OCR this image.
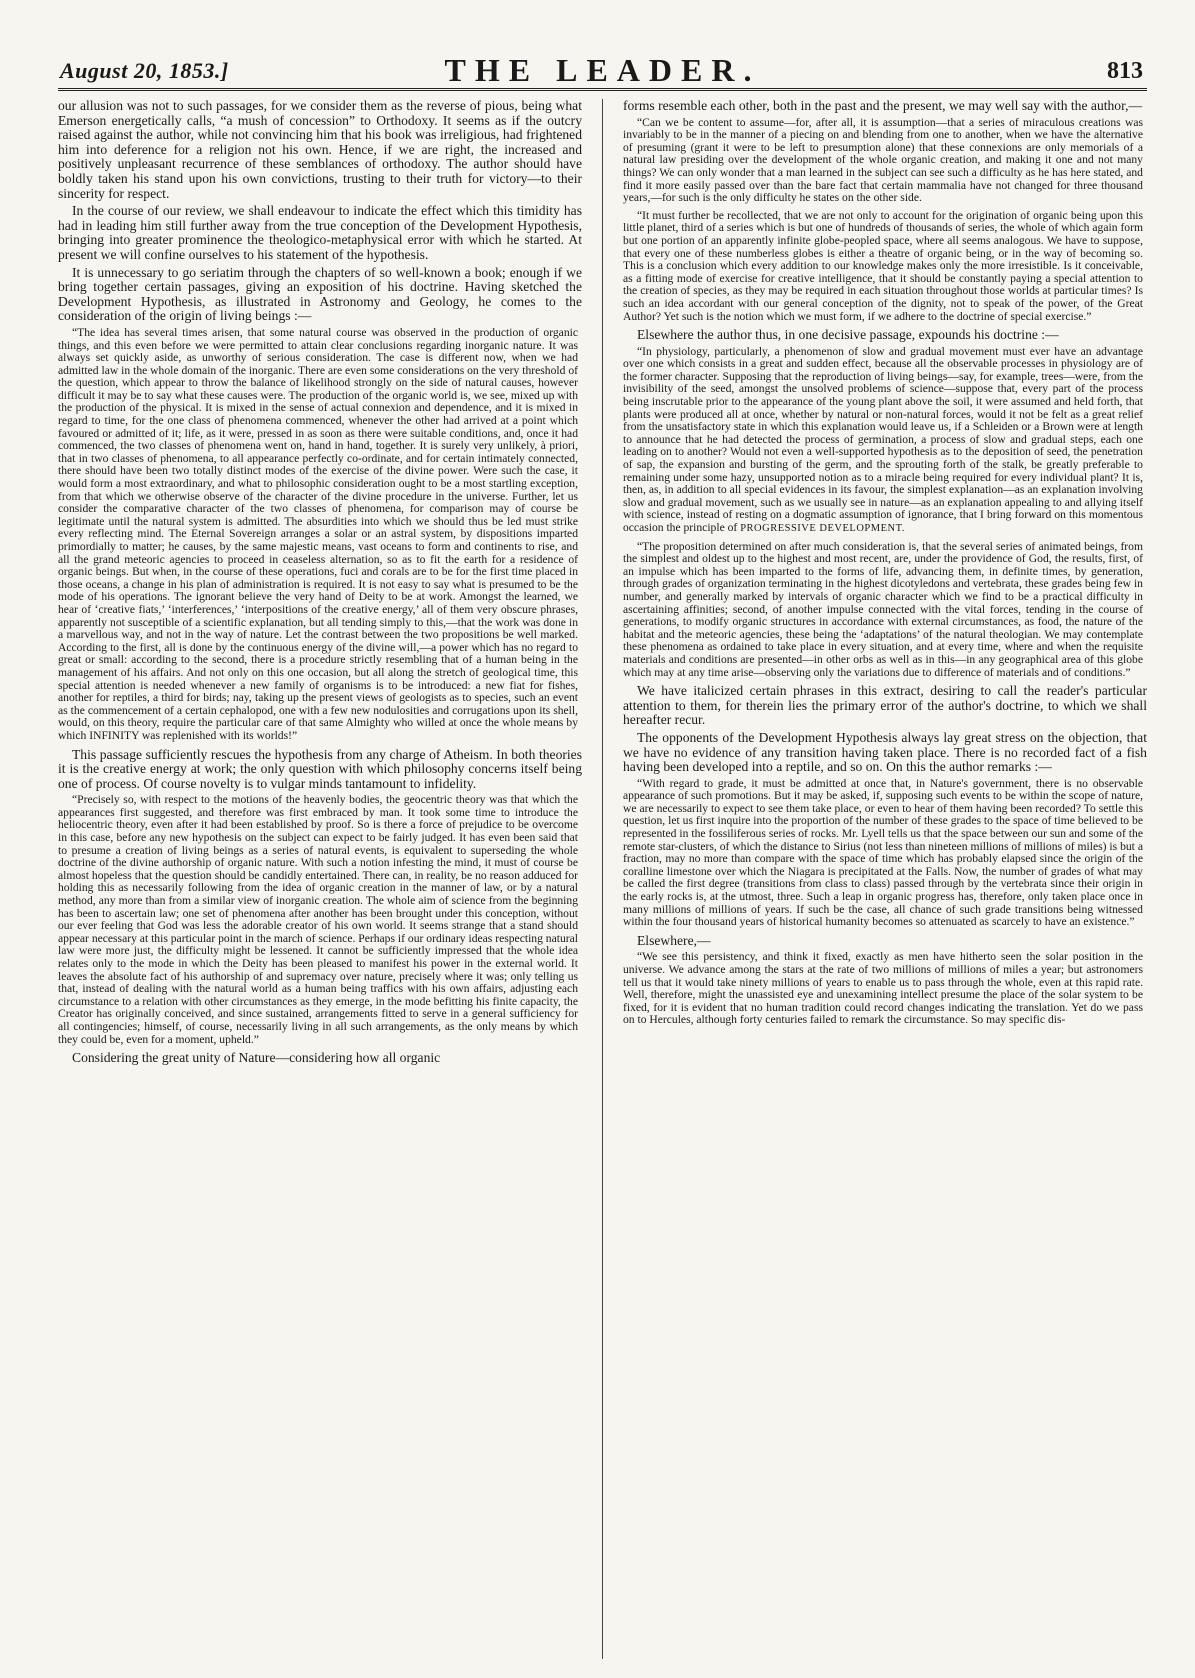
August 20, 1853.]	THE LEADER.	813

our allusion was not to such passages, for we consider them as the reverse of pious, being what Emerson energetically calls, “a mush of concession” to Orthodoxy. It seems as if the outcry raised against the author, while not convincing him that his book was irreligious, had frightened him into deference for a religion not his own. Hence, if we are right, the increased and positively unpleasant recurrence of these semblances of orthodoxy. The author should have boldly taken his stand upon his own convictions, trusting to their truth for victory—to their sincerity for respect.

In the course of our review, we shall endeavour to indicate the effect which this timidity has had in leading him still further away from the true conception of the Development Hypothesis, bringing into greater prominence the theologico-metaphysical error with which he started. At present we will confine ourselves to his statement of the hypothesis.

It is unnecessary to go seriatim through the chapters of so well-known a book; enough if we bring together certain passages, giving an exposition of his doctrine. Having sketched the Development Hypothesis, as illustrated in Astronomy and Geology, he comes to the consideration of the origin of living beings :—

“The idea has several times arisen, that some natural course was observed in the production of organic things, and this even before we were permitted to attain clear conclusions regarding inorganic nature. It was always set quickly aside, as unworthy of serious consideration. The case is different now, when we had admitted law in the whole domain of the inorganic. There are even some considerations on the very threshold of the question, which appear to throw the balance of likelihood strongly on the side of natural causes, however difficult it may be to say what these causes were. The production of the organic world is, we see, mixed up with the production of the physical. It is mixed in the sense of actual connexion and dependence, and it is mixed in regard to time, for the one class of phenomena commenced, whenever the other had arrived at a point which favoured or admitted of it; life, as it were, pressed in as soon as there were suitable conditions, and, once it had commenced, the two classes of phenomena went on, hand in hand, together. It is surely very unlikely, à priori, that in two classes of phenomena, to all appearance perfectly co-ordinate, and for certain intimately connected, there should have been two totally distinct modes of the exercise of the divine power. Were such the case, it would form a most extraordinary, and what to philosophic consideration ought to be a most startling exception, from that which we otherwise observe of the character of the divine procedure in the universe. Further, let us consider the comparative character of the two classes of phenomena, for comparison may of course be legitimate until the natural system is admitted. The absurdities into which we should thus be led must strike every reflecting mind. The Eternal Sovereign arranges a solar or an astral system, by dispositions imparted primordially to matter; he causes, by the same majestic means, vast oceans to form and continents to rise, and all the grand meteoric agencies to proceed in ceaseless alternation, so as to fit the earth for a residence of organic beings. But when, in the course of these operations, fuci and corals are to be for the first time placed in those oceans, a change in his plan of administration is required. It is not easy to say what is presumed to be the mode of his operations. The ignorant believe the very hand of Deity to be at work. Amongst the learned, we hear of ‘creative fiats,’ ‘interferences,’ ‘interpositions of the creative energy,’ all of them very obscure phrases, apparently not susceptible of a scientific explanation, but all tending simply to this,—that the work was done in a marvellous way, and not in the way of nature. Let the contrast between the two propositions be well marked. According to the first, all is done by the continuous energy of the divine will,—a power which has no regard to great or small: according to the second, there is a procedure strictly resembling that of a human being in the management of his affairs. And not only on this one occasion, but all along the stretch of geological time, this special attention is needed whenever a new family of organisms is to be introduced: a new fiat for fishes, another for reptiles, a third for birds; nay, taking up the present views of geologists as to species, such an event as the commencement of a certain cephalopod, one with a few new nodulosities and corrugations upon its shell, would, on this theory, require the particular care of that same Almighty who willed at once the whole means by which INFINITY was replenished with its worlds!”

This passage sufficiently rescues the hypothesis from any charge of Atheism. In both theories it is the creative energy at work; the only question with which philosophy concerns itself being one of process. Of course novelty is to vulgar minds tantamount to infidelity.

“Precisely so, with respect to the motions of the heavenly bodies, the geocentric theory was that which the appearances first suggested, and therefore was first embraced by man. It took some time to introduce the heliocentric theory, even after it had been established by proof. So is there a force of prejudice to be overcome in this case, before any new hypothesis on the subject can expect to be fairly judged. It has even been said that to presume a creation of living beings as a series of natural events, is equivalent to superseding the whole doctrine of the divine authorship of organic nature. With such a notion infesting the mind, it must of course be almost hopeless that the question should be candidly entertained. There can, in reality, be no reason adduced for holding this as necessarily following from the idea of organic creation in the manner of law, or by a natural method, any more than from a similar view of inorganic creation. The whole aim of science from the beginning has been to ascertain law; one set of phenomena after another has been brought under this conception, without our ever feeling that God was less the adorable creator of his own world. It seems strange that a stand should appear necessary at this particular point in the march of science. Perhaps if our ordinary ideas respecting natural law were more just, the difficulty might be lessened. It cannot be sufficiently impressed that the whole idea relates only to the mode in which the Deity has been pleased to manifest his power in the external world. It leaves the absolute fact of his authorship of and supremacy over nature, precisely where it was; only telling us that, instead of dealing with the natural world as a human being traffics with his own affairs, adjusting each circumstance to a relation with other circumstances as they emerge, in the mode befitting his finite capacity, the Creator has originally conceived, and since sustained, arrangements fitted to serve in a general sufficiency for all contingencies; himself, of course, necessarily living in all such arrangements, as the only means by which they could be, even for a moment, upheld.”

Considering the great unity of Nature—considering how all organic

forms resemble each other, both in the past and the present, we may well say with the author,—

“Can we be content to assume—for, after all, it is assumption—that a series of miraculous creations was invariably to be in the manner of a piecing on and blending from one to another, when we have the alternative of presuming (grant it were to be left to presumption alone) that these connexions are only memorials of a natural law presiding over the development of the whole organic creation, and making it one and not many things? We can only wonder that a man learned in the subject can see such a difficulty as he has here stated, and find it more easily passed over than the bare fact that certain mammalia have not changed for three thousand years,—for such is the only difficulty he states on the other side.

“It must further be recollected, that we are not only to account for the origination of organic being upon this little planet, third of a series which is but one of hundreds of thousands of series, the whole of which again form but one portion of an apparently infinite globe-peopled space, where all seems analogous. We have to suppose, that every one of these numberless globes is either a theatre of organic being, or in the way of becoming so. This is a conclusion which every addition to our knowledge makes only the more irresistible. Is it conceivable, as a fitting mode of exercise for creative intelligence, that it should be constantly paying a special attention to the creation of species, as they may be required in each situation throughout those worlds at particular times? Is such an idea accordant with our general conception of the dignity, not to speak of the power, of the Great Author? Yet such is the notion which we must form, if we adhere to the doctrine of special exercise.”

Elsewhere the author thus, in one decisive passage, expounds his doctrine :—

“In physiology, particularly, a phenomenon of slow and gradual movement must ever have an advantage over one which consists in a great and sudden effect, because all the observable processes in physiology are of the former character. Supposing that the reproduction of living beings—say, for example, trees—were, from the invisibility of the seed, amongst the unsolved problems of science—suppose that, every part of the process being inscrutable prior to the appearance of the young plant above the soil, it were assumed and held forth, that plants were produced all at once, whether by natural or non-natural forces, would it not be felt as a great relief from the unsatisfactory state in which this explanation would leave us, if a Schleiden or a Brown were at length to announce that he had detected the process of germination, a process of slow and gradual steps, each one leading on to another? Would not even a well-supported hypothesis as to the deposition of seed, the penetration of sap, the expansion and bursting of the germ, and the sprouting forth of the stalk, be greatly preferable to remaining under some hazy, unsupported notion as to a miracle being required for every individual plant? It is, then, as, in addition to all special evidences in its favour, the simplest explanation—as an explanation involving slow and gradual movement, such as we usually see in nature—as an explanation appealing to and allying itself with science, instead of resting on a dogmatic assumption of ignorance, that I bring forward on this momentous occasion the principle of PROGRESSIVE DEVELOPMENT.

“The proposition determined on after much consideration is, that the several series of animated beings, from the simplest and oldest up to the highest and most recent, are, under the providence of God, the results, first, of an impulse which has been imparted to the forms of life, advancing them, in definite times, by generation, through grades of organization terminating in the highest dicotyledons and vertebrata, these grades being few in number, and generally marked by intervals of organic character which we find to be a practical difficulty in ascertaining affinities; second, of another impulse connected with the vital forces, tending in the course of generations, to modify organic structures in accordance with external circumstances, as food, the nature of the habitat and the meteoric agencies, these being the ‘adaptations’ of the natural theologian. We may contemplate these phenomena as ordained to take place in every situation, and at every time, where and when the requisite materials and conditions are presented—in other orbs as well as in this—in any geographical area of this globe which may at any time arise—observing only the variations due to difference of materials and of conditions.”

We have italicized certain phrases in this extract, desiring to call the reader's particular attention to them, for therein lies the primary error of the author's doctrine, to which we shall hereafter recur.

The opponents of the Development Hypothesis always lay great stress on the objection, that we have no evidence of any transition having taken place. There is no recorded fact of a fish having been developed into a reptile, and so on. On this the author remarks :—

“With regard to grade, it must be admitted at once that, in Nature's government, there is no observable appearance of such promotions. But it may be asked, if, supposing such events to be within the scope of nature, we are necessarily to expect to see them take place, or even to hear of them having been recorded? To settle this question, let us first inquire into the proportion of the number of these grades to the space of time believed to be represented in the fossiliferous series of rocks. Mr. Lyell tells us that the space between our sun and some of the remote star-clusters, of which the distance to Sirius (not less than nineteen millions of millions of miles) is but a fraction, may no more than compare with the space of time which has probably elapsed since the origin of the coralline limestone over which the Niagara is precipitated at the Falls. Now, the number of grades of what may be called the first degree (transitions from class to class) passed through by the vertebrata since their origin in the early rocks is, at the utmost, three. Such a leap in organic progress has, therefore, only taken place once in many millions of millions of years. If such be the case, all chance of such grade transitions being witnessed within the four thousand years of historical humanity becomes so attenuated as scarcely to have an existence.”

Elsewhere,—

“We see this persistency, and think it fixed, exactly as men have hitherto seen the solar position in the universe. We advance among the stars at the rate of two millions of millions of miles a year; but astronomers tell us that it would take ninety millions of years to enable us to pass through the whole, even at this rapid rate. Well, therefore, might the unassisted eye and unexamining intellect presume the place of the solar system to be fixed, for it is evident that no human tradition could record changes indicating the translation. Yet do we pass on to Hercules, although forty centuries failed to remark the circumstance. So may specific dis-
